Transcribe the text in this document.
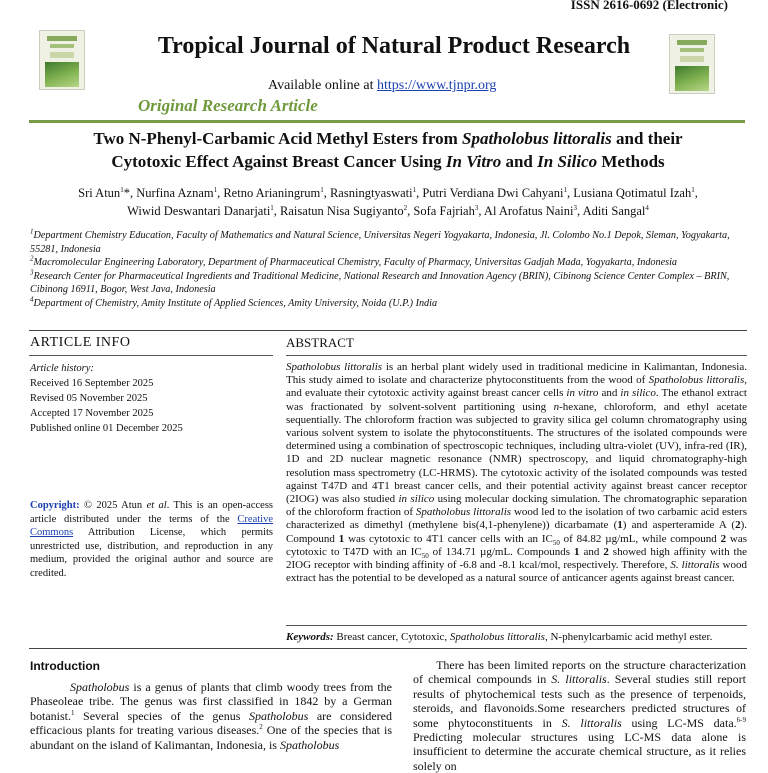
ISSN 2616-0692 (Electronic)
Tropical Journal of Natural Product Research
Available online at https://www.tjnpr.org
Original Research Article
Two N-Phenyl-Carbamic Acid Methyl Esters from Spatholobus littoralis and their
Cytotoxic Effect Against Breast Cancer Using In Vitro and In Silico Methods
Sri Atun$^1$*, Nurfina Aznam$^1$, Retno Arianingrum$^1$, Rasningtyaswati$^1$, Putri Verdiana Dwi Cahyani$^1$, Lusiana Qotimatul Izah$^1$,
Wiwid Deswantari Danarjati$^1$, Raisatun Nisa Sugiyanto$^2$, Sofa Fajriah$^3$, Al Arofatus Naini$^3$, Aditi Sangal$^4$
$^1$Department Chemistry Education, Faculty of Mathematics and Natural Science, Universitas Negeri Yogyakarta, Indonesia, Jl. Colombo No.1 Depok, Sleman, Yogyakarta, 55281, Indonesia
$^2$Macromolecular Engineering Laboratory, Department of Pharmaceutical Chemistry, Faculty of Pharmacy, Universitas Gadjah Mada, Yogyakarta, Indonesia
$^3$Research Center for Pharmaceutical Ingredients and Traditional Medicine, National Research and Innovation Agency (BRIN), Cibinong Science Center Complex – BRIN, Cibinong 16911, Bogor, West Java, Indonesia
$^4$Department of Chemistry, Amity Institute of Applied Sciences, Amity University, Noida (U.P.) India
ARTICLE INFO
Article history:
Received 16 September 2025
Revised 05 November 2025
Accepted 17 November 2025
Published online 01 December 2025
Copyright: © 2025 Atun et al. This is an open-access article distributed under the terms of the Creative Commons Attribution License, which permits unrestricted use, distribution, and reproduction in any medium, provided the original author and source are credited.
ABSTRACT
Spatholobus littoralis is an herbal plant widely used in traditional medicine in Kalimantan, Indonesia. This study aimed to isolate and characterize phytoconstituents from the wood of Spatholobus littoralis, and evaluate their cytotoxic activity against breast cancer cells in vitro and in silico. The ethanol extract was fractionated by solvent-solvent partitioning using n-hexane, chloroform, and ethyl acetate sequentially. The chloroform fraction was subjected to gravity silica gel column chromatography using various solvent system to isolate the phytoconstituents. The structures of the isolated compounds were determined using a combination of spectroscopic techniques, including ultra-violet (UV), infra-red (IR), 1D and 2D nuclear magnetic resonance (NMR) spectroscopy, and liquid chromatography-high resolution mass spectrometry (LC-HRMS). The cytotoxic activity of the isolated compounds was tested against T47D and 4T1 breast cancer cells, and their potential activity against breast cancer receptor (2IOG) was also studied in silico using molecular docking simulation. The chromatographic separation of the chloroform fraction of Spatholobus littoralis wood led to the isolation of two carbamic acid esters characterized as dimethyl (methylene bis(4,1-phenylene)) dicarbamate (1) and asperteramide A (2). Compound 1 was cytotoxic to 4T1 cancer cells with an $IC_{50}$ of 84.82 µg/mL, while compound 2 was cytotoxic to T47D with an $IC_{50}$ of 134.71 µg/mL. Compounds 1 and 2 showed high affinity with the 2IOG receptor with binding affinity of -6.8 and -8.1 kcal/mol, respectively. Therefore, S. littoralis wood extract has the potential to be developed as a natural source of anticancer agents against breast cancer.
Keywords: Breast cancer, Cytotoxic, Spatholobus littoralis, N-phenylcarbamic acid methyl ester.
Introduction
Spatholobus is a genus of plants that climb woody trees from the Phaseoleae tribe. The genus was first classified in 1842 by a German botanist.$^1$ Several species of the genus Spatholobus are considered efficacious plants for treating various diseases.$^2$ One of the species that is abundant on the island of Kalimantan, Indonesia, is Spatholobus
There has been limited reports on the structure characterization of chemical compounds in S. littoralis. Several studies still report results of phytochemical tests such as the presence of terpenoids, steroids, and flavonoids.Some researchers predicted structures of some phytoconstituents in S. littoralis using LC-MS data.$^{6-9}$ Predicting molecular structures using LC-MS data alone is insufficient to determine the accurate chemical structure, as it relies solely on
